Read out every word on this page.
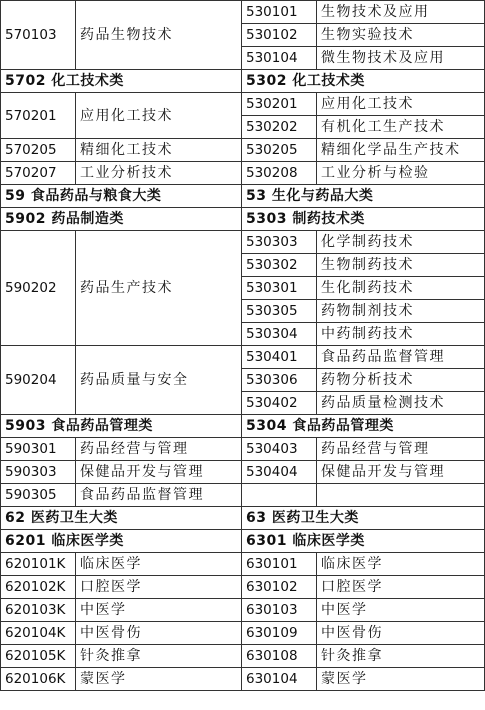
570103	药品生物技术	530101	生物技术及应用
		530102	生物实验技术
		530104	微生物技术及应用
5702 化工技术类		5302 化工技术类	
570201	应用化工技术	530201	应用化工技术
		530202	有机化工生产技术
570205	精细化工技术	530205	精细化学品生产技术
570207	工业分析技术	530208	工业分析与检验
59 食品药品与粮食大类		53 生化与药品大类	
5902 药品制造类		5303 制药技术类	
590202	药品生产技术	530303	化学制药技术
		530302	生物制药技术
		530301	生化制药技术
		530305	药物制剂技术
		530304	中药制药技术
590204	药品质量与安全	530401	食品药品监督管理
		530306	药物分析技术
		530402	药品质量检测技术
5903 食品药品管理类		5304 食品药品管理类	
590301	药品经营与管理	530403	药品经营与管理
590303	保健品开发与管理	530404	保健品开发与管理
590305	食品药品监督管理		
62 医药卫生大类		63 医药卫生大类	
6201 临床医学类		6301 临床医学类	
620101K	临床医学	630101	临床医学
620102K	口腔医学	630102	口腔医学
620103K	中医学	630103	中医学
620104K	中医骨伤	630109	中医骨伤
620105K	针灸推拿	630108	针灸推拿
620106K	蒙医学	630104	蒙医学
